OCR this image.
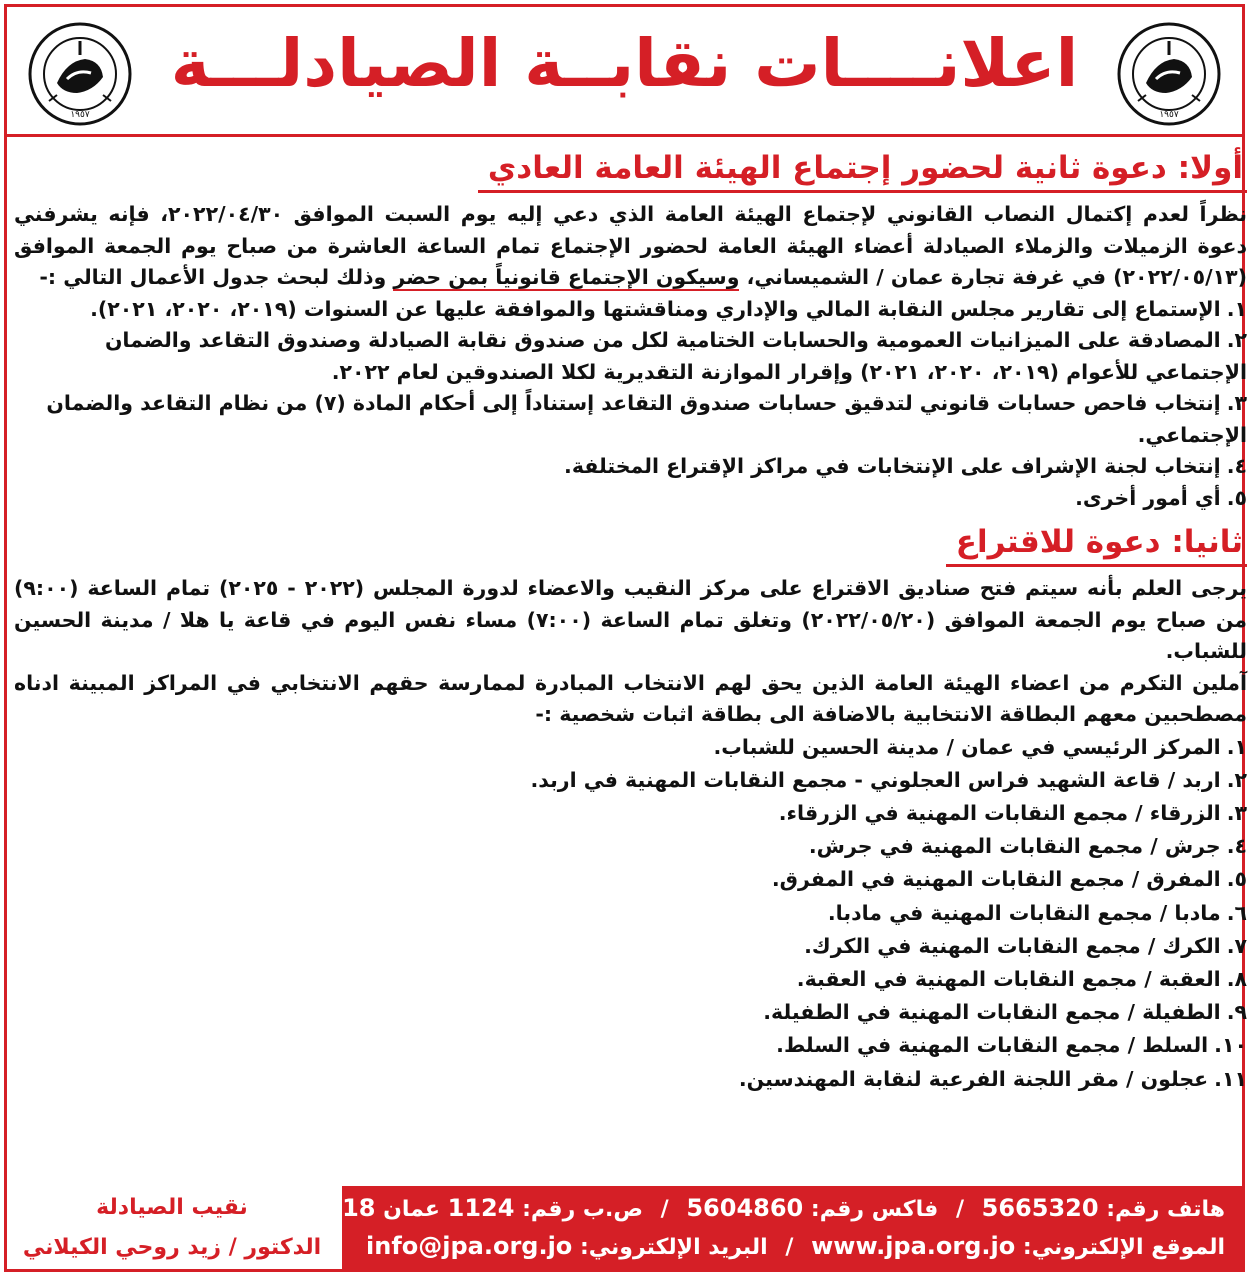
١٩٥٧
اعلانــــات نقابــة الصيادلـــة
١٩٥٧
أولا: دعوة ثانية لحضور إجتماع الهيئة العامة العادي

نظراً لعدم إكتمال النصاب القانوني لإجتماع الهيئة العامة الذي دعي إليه يوم السبت الموافق ٢٠٢٢/٠٤/٣٠، فإنه يشرفني دعوة الزميلات والزملاء الصيادلة أعضاء الهيئة العامة لحضور الإجتماع تمام الساعة العاشرة من صباح يوم الجمعة الموافق (٢٠٢٢/٠٥/١٣) في غرفة تجارة عمان / الشميساني، وسيكون الإجتماع قانونياً بمن حضر وذلك لبحث جدول الأعمال التالي :-

١.الإستماع إلى تقارير مجلس النقابة المالي والإداري ومناقشتها والموافقة عليها عن السنوات (٢٠١٩، ٢٠٢٠، ٢٠٢١).
٢.المصادقة على الميزانيات العمومية والحسابات الختامية لكل من صندوق نقابة الصيادلة وصندوق التقاعد والضمان الإجتماعي للأعوام (٢٠١٩، ٢٠٢٠، ٢٠٢١) وإقرار الموازنة التقديرية لكلا الصندوقين لعام ٢٠٢٢.
٣.إنتخاب فاحص حسابات قانوني لتدقيق حسابات صندوق التقاعد إستناداً إلى أحكام المادة (٧) من نظام التقاعد والضمان الإجتماعي.
٤.إنتخاب لجنة الإشراف على الإنتخابات في مراكز الإقتراع المختلفة.
٥.أي أمور أخرى.
ثانيا: دعوة للاقتراع

يرجى العلم بأنه سيتم فتح صناديق الاقتراع على مركز النقيب والاعضاء لدورة المجلس (٢٠٢٢ - ٢٠٢٥) تمام الساعة (٩:٠٠) من صباح يوم الجمعة الموافق (٢٠٢٢/٠٥/٢٠) وتغلق تمام الساعة (٧:٠٠) مساء نفس اليوم في قاعة يا هلا / مدينة الحسين للشباب.

آملين التكرم من اعضاء الهيئة العامة الذين يحق لهم الانتخاب المبادرة لممارسة حقهم الانتخابي في المراكز المبينة ادناه مصطحبين معهم البطاقة الانتخابية بالاضافة الى بطاقة اثبات شخصية :-

١.المركز الرئيسي في عمان / مدينة الحسين للشباب.
٢.اربد / قاعة الشهيد فراس العجلوني - مجمع النقابات المهنية في اربد.
٣.الزرقاء / مجمع النقابات المهنية في الزرقاء.
٤.جرش / مجمع النقابات المهنية في جرش.
٥.المفرق / مجمع النقابات المهنية في المفرق.
٦.مادبا / مجمع النقابات المهنية في مادبا.
٧.الكرك / مجمع النقابات المهنية في الكرك.
٨.العقبة / مجمع النقابات المهنية في العقبة.
٩.الطفيلة / مجمع النقابات المهنية في الطفيلة.
١٠.السلط / مجمع النقابات المهنية في السلط.
١١.عجلون / مقر اللجنة الفرعية لنقابة المهندسين.
نقيب الصيادلة
الدكتور / زيد روحي الكيلاني
هاتف رقم: 5665320 / فاكس رقم: 5604860 / ص.ب رقم: 1124 عمان 11118
الموقع الإلكتروني: www.jpa.org.jo / البريد الإلكتروني: info@jpa.org.jo
